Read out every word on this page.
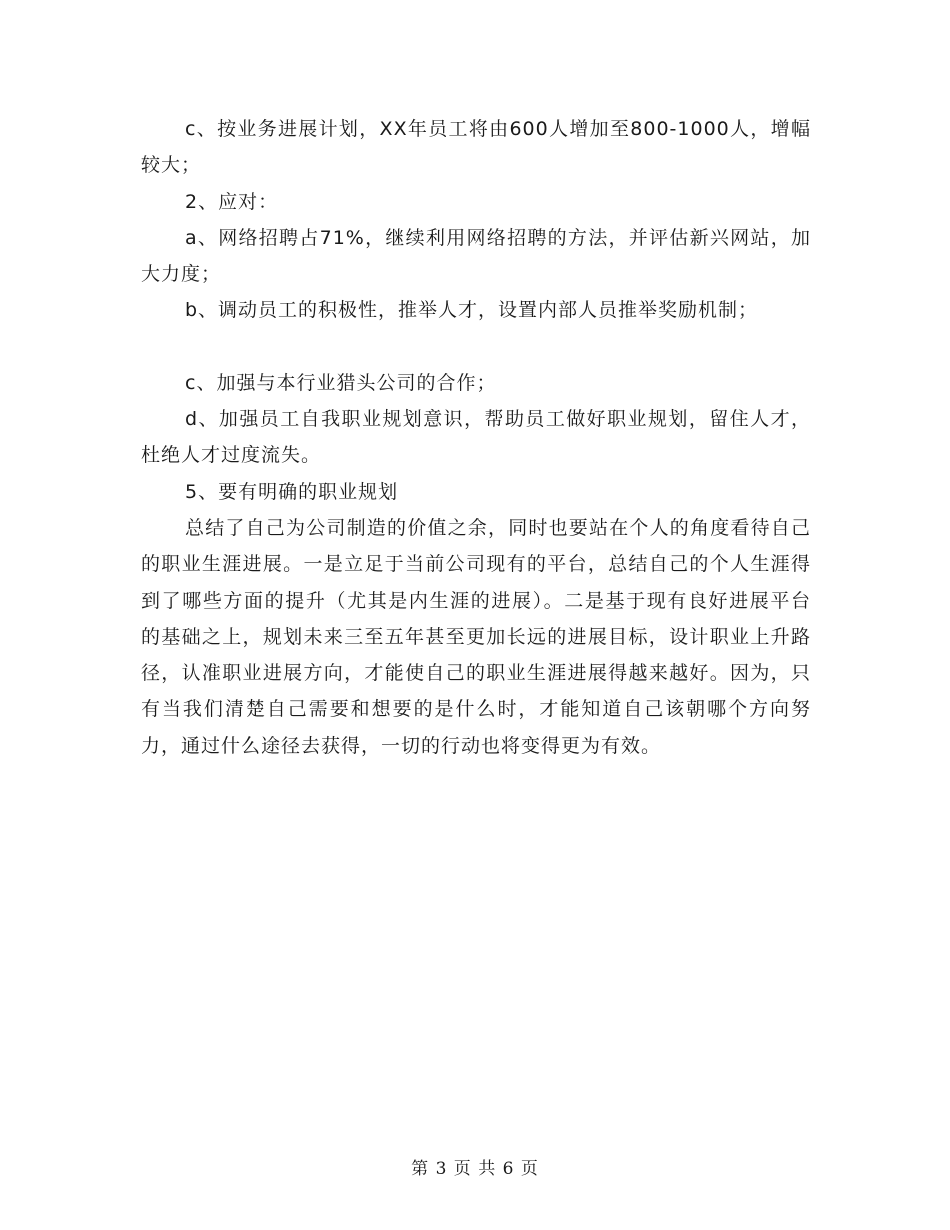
c、按业务进展计划，XX年员工将由600人增加至800-1000人，增幅较大；

2、应对：

a、网络招聘占71%，继续利用网络招聘的方法，并评估新兴网站，加大力度；

b、调动员工的积极性，推举人才，设置内部人员推举奖励机制；

c、加强与本行业猎头公司的合作；

d、加强员工自我职业规划意识，帮助员工做好职业规划，留住人才，杜绝人才过度流失。

5、要有明确的职业规划

总结了自己为公司制造的价值之余，同时也要站在个人的角度看待自己的职业生涯进展。一是立足于当前公司现有的平台，总结自己的个人生涯得到了哪些方面的提升（尤其是内生涯的进展）。二是基于现有良好进展平台的基础之上，规划未来三至五年甚至更加长远的进展目标，设计职业上升路径，认准职业进展方向，才能使自己的职业生涯进展得越来越好。因为，只有当我们清楚自己需要和想要的是什么时，才能知道自己该朝哪个方向努力，通过什么途径去获得，一切的行动也将变得更为有效。

第 3 页 共 6 页
